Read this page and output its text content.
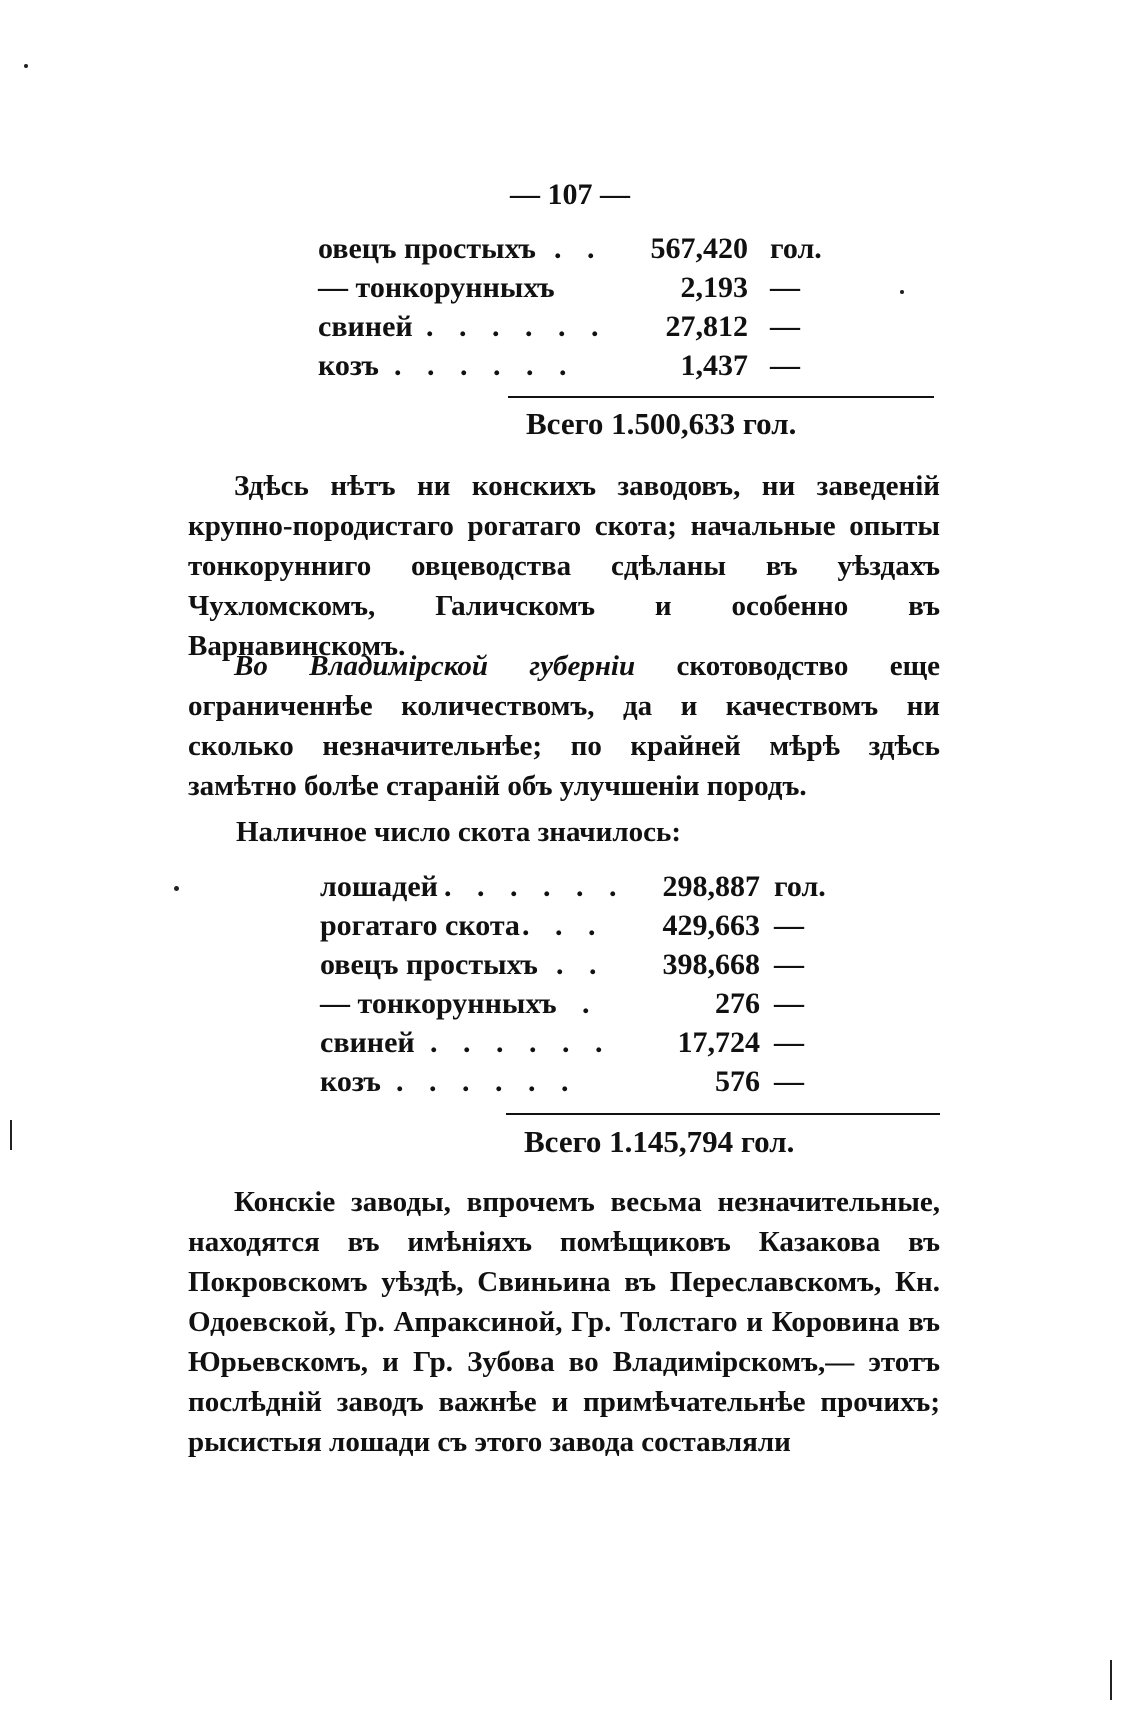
— 107 —
овецъ простыхъ . . 567,420 гол.
— тонкорунныхъ	2,193 —
свиней . . . . . . 27,812 —
козъ . . . . . .	1,437 —
Всего 1.500,633 гол.

Здѣсь нѣтъ ни конскихъ заводовъ, ни заведеній крупно-породистаго рогатаго скота; начальные опыты тонкорунниго овцеводства сдѣланы въ уѣздахъ Чухломскомъ, Галичскомъ и особенно въ Варнавинскомъ.

Во Владимірской губерніи скотоводство еще ограниченнѣе количествомъ, да и качествомъ ни сколько незначительнѣе; по крайней мѣрѣ здѣсь замѣтно болѣе стараній объ улучшеніи породъ.

Наличное число скота значилось:

лошадей . . . . . . 298,887 гол.
рогатаго скота . . . 429,663 —
овецъ простыхъ . . 398,668 —
— тонкорунныхъ .	276 —
свиней . . . . . . 17,724 —
козъ . . . . . .	576 —
Всего 1.145,794 гол.

Конскіе заводы, впрочемъ весьма незначительные, находятся въ имѣніяхъ помѣщиковъ Казакова въ Покровскомъ уѣздѣ, Свиньина въ Переславскомъ, Кн. Одоевской, Гр. Апраксиной, Гр. Толстаго и Коровина въ Юрьевскомъ, и Гр. Зубова во Владимірскомъ,— этотъ послѣдній заводъ важнѣе и примѣчательнѣе прочихъ; рысистыя лошади съ этого завода составляли
